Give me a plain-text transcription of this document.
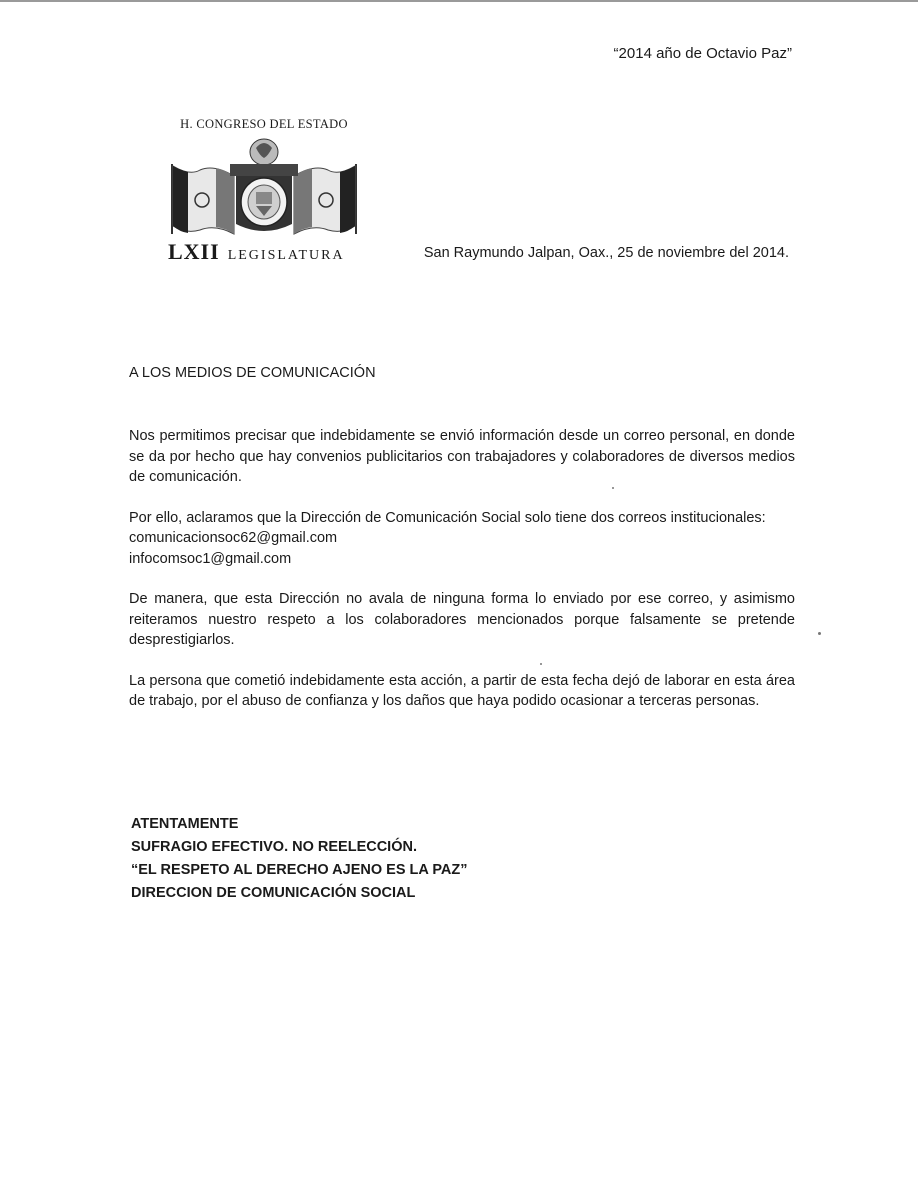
“2014 año de Octavio Paz”
H. CONGRESO DEL ESTADO
LXII LEGISLATURA	San Raymundo Jalpan, Oax., 25 de noviembre del 2014.
A LOS MEDIOS DE COMUNICACIÓN

Nos permitimos precisar que indebidamente se envió información desde un correo personal, en donde se da por hecho que hay convenios publicitarios con trabajadores y colaboradores de diversos medios de comunicación.

Por ello, aclaramos que la Dirección de Comunicación Social solo tiene dos correos institucionales:
comunicacionsoc62@gmail.com
infocomsoc1@gmail.com

De manera, que esta Dirección no avala de ninguna forma lo enviado por ese correo, y asimismo reiteramos nuestro respeto a los colaboradores mencionados porque falsamente se pretende desprestigiarlos.

La persona que cometió indebidamente esta acción, a partir de esta fecha dejó de laborar en esta área de trabajo, por el abuso de confianza y los daños que haya podido ocasionar a terceras personas.

ATENTAMENTE
SUFRAGIO EFECTIVO. NO REELECCIÓN.
“EL RESPETO AL DERECHO AJENO ES LA PAZ”
DIRECCION DE COMUNICACIÓN SOCIAL
